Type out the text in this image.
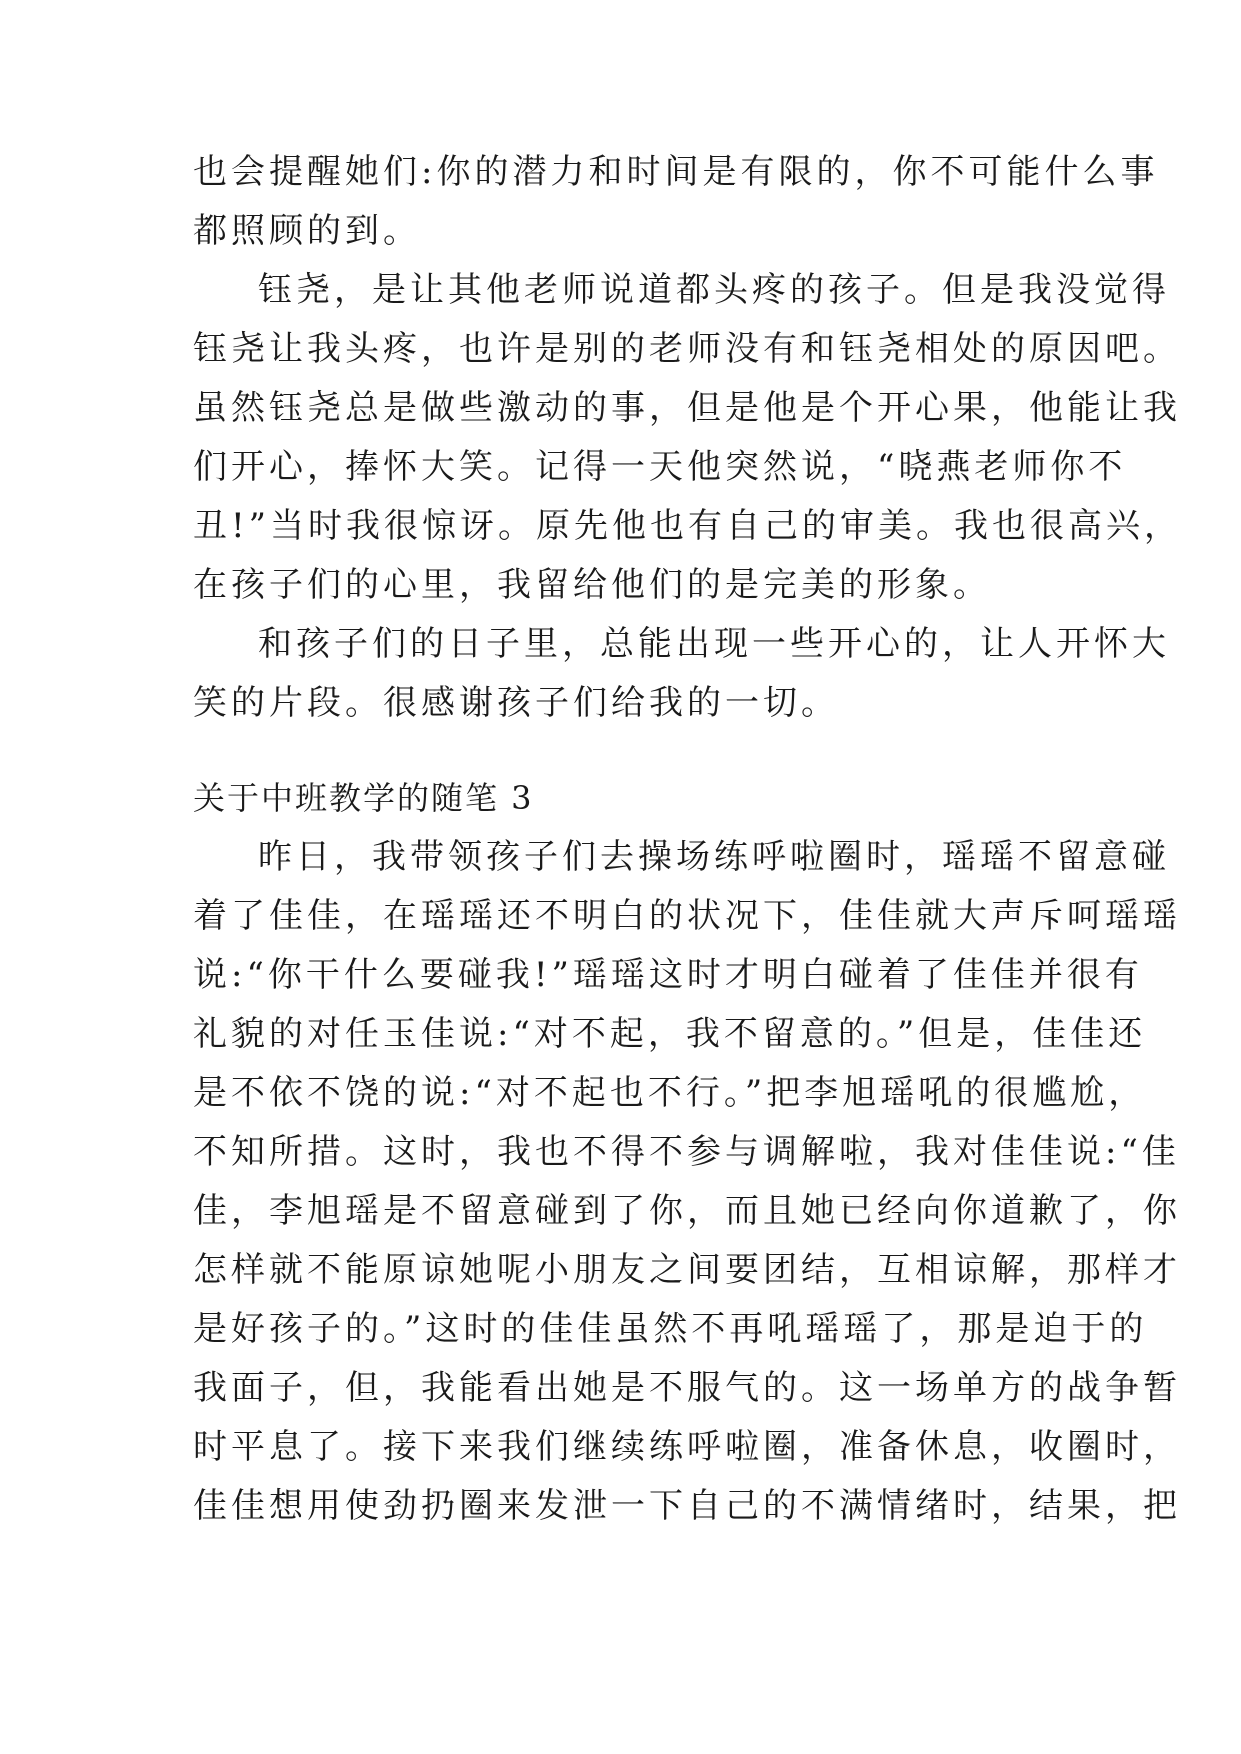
也会提醒她们:你的潜力和时间是有限的，你不可能什么事
都照顾的到。
钰尧，是让其他老师说道都头疼的孩子。但是我没觉得
钰尧让我头疼，也许是别的老师没有和钰尧相处的原因吧。
虽然钰尧总是做些激动的事，但是他是个开心果，他能让我
们开心，捧怀大笑。记得一天他突然说，“晓燕老师你不
丑!”当时我很惊讶。原先他也有自己的审美。我也很高兴，
在孩子们的心里，我留给他们的是完美的形象。
和孩子们的日子里，总能出现一些开心的，让人开怀大
笑的片段。很感谢孩子们给我的一切。
关于中班教学的随笔 3
昨日，我带领孩子们去操场练呼啦圈时，瑶瑶不留意碰
着了佳佳，在瑶瑶还不明白的状况下，佳佳就大声斥呵瑶瑶
说:“你干什么要碰我!”瑶瑶这时才明白碰着了佳佳并很有
礼貌的对任玉佳说:“对不起，我不留意的。”但是，佳佳还
是不依不饶的说:“对不起也不行。”把李旭瑶吼的很尴尬，
不知所措。这时，我也不得不参与调解啦，我对佳佳说:“佳
佳，李旭瑶是不留意碰到了你，而且她已经向你道歉了，你
怎样就不能原谅她呢小朋友之间要团结，互相谅解，那样才
是好孩子的。”这时的佳佳虽然不再吼瑶瑶了，那是迫于的
我面子，但，我能看出她是不服气的。这一场单方的战争暂
时平息了。接下来我们继续练呼啦圈，准备休息，收圈时，
佳佳想用使劲扔圈来发泄一下自己的不满情绪时，结果，把
